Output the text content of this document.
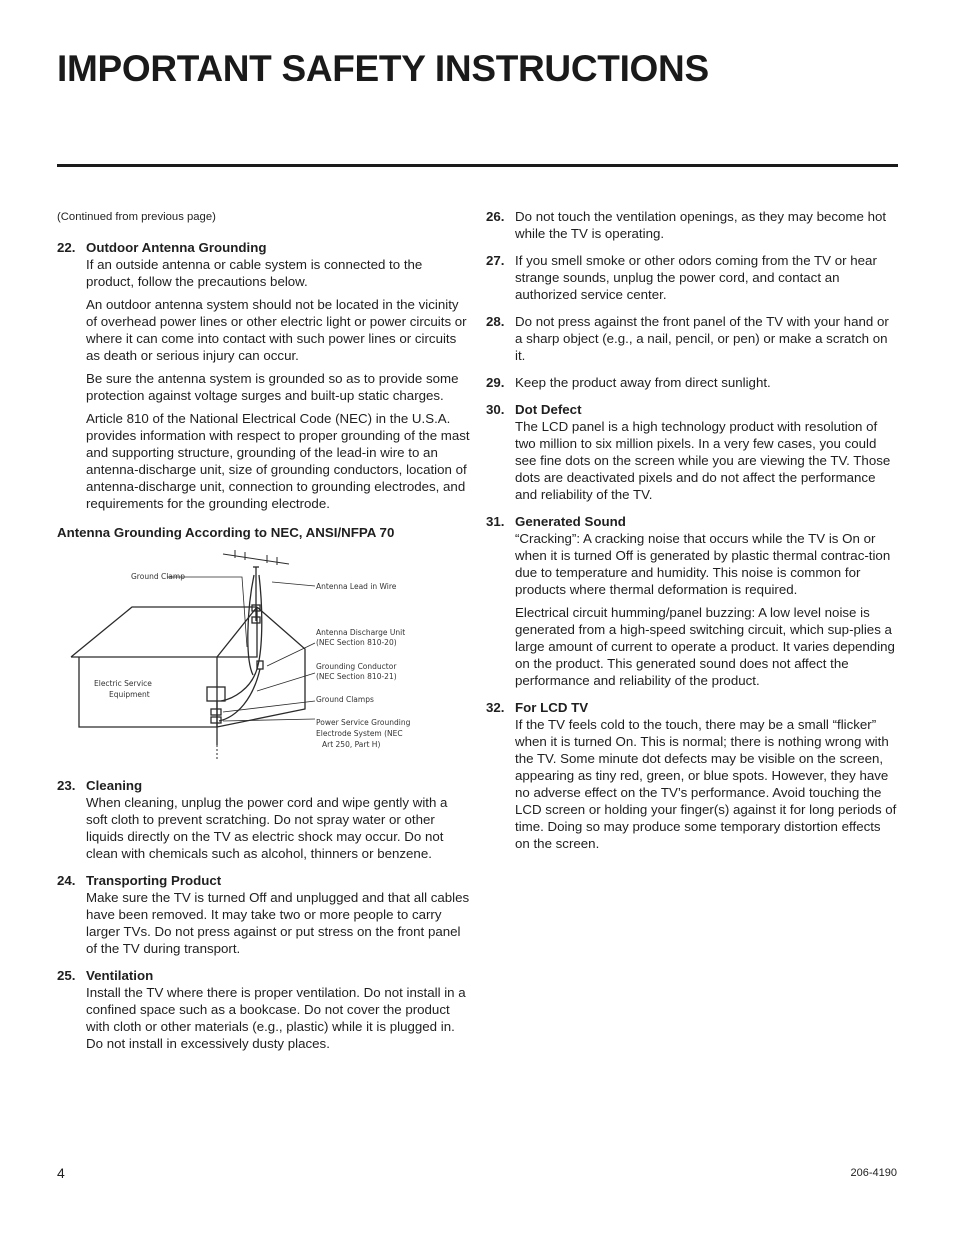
IMPORTANT SAFETY INSTRUCTIONS
(Continued from previous page)
22. Outdoor Antenna Grounding

If an outside antenna or cable system is connected to the product, follow the precautions below.

An outdoor antenna system should not be located in the vicinity of overhead power lines or other electric light or power circuits or where it can come into contact with such power lines or circuits as death or serious injury can occur.

Be sure the antenna system is grounded so as to provide some protection against voltage surges and built-up static charges.

Article 810 of the National Electrical Code (NEC) in the U.S.A. provides information with respect to proper grounding of the mast and supporting structure, grounding of the lead-in wire to an antenna-discharge unit, size of grounding conductors, location of antenna-discharge unit, connection to grounding electrodes, and requirements for the grounding electrode.

Antenna Grounding According to NEC, ANSI/NFPA 70
Ground Clamp
Antenna Lead in Wire
Antenna Discharge Unit
(NEC Section 810-20)
Grounding Conductor
(NEC Section 810-21)
Ground Clamps
Power Service Grounding
Electrode System (NEC
Art 250, Part H)
Electric Service
Equipment
23. Cleaning

When cleaning, unplug the power cord and wipe gently with a soft cloth to prevent scratching. Do not spray water or other liquids directly on the TV as electric shock may occur. Do not clean with chemicals such as alcohol, thinners or benzene.

24. Transporting Product

Make sure the TV is turned Off and unplugged and that all cables have been removed. It may take two or more people to carry larger TVs. Do not press against or put stress on the front panel of the TV during transport.

25. Ventilation

Install the TV where there is proper ventilation. Do not install in a confined space such as a bookcase. Do not cover the product with cloth or other materials (e.g., plastic) while it is plugged in. Do not install in excessively dusty places.

26. Do not touch the ventilation openings, as they may become hot while the TV is operating.
27. If you smell smoke or other odors coming from the TV or hear strange sounds, unplug the power cord, and contact an authorized service center.
28. Do not press against the front panel of the TV with your hand or a sharp object (e.g., a nail, pencil, or pen) or make a scratch on it.
29. Keep the product away from direct sunlight.
30. Dot Defect

The LCD panel is a high technology product with resolution of two million to six million pixels. In a very few cases, you could see fine dots on the screen while you are viewing the TV. Those dots are deactivated pixels and do not affect the performance and reliability of the TV.

31. Generated Sound

“Cracking”: A cracking noise that occurs while the TV is On or when it is turned Off is generated by plastic thermal contrac-tion due to temperature and humidity. This noise is common for products where thermal deformation is required.

Electrical circuit humming/panel buzzing: A low level noise is generated from a high-speed switching circuit, which sup-plies a large amount of current to operate a product. It varies depending on the product. This generated sound does not affect the performance and reliability of the product.

32. For LCD TV

If the TV feels cold to the touch, there may be a small “flicker” when it is turned On. This is normal; there is nothing wrong with the TV. Some minute dot defects may be visible on the screen, appearing as tiny red, green, or blue spots. However, they have no adverse effect on the TV’s performance. Avoid touching the LCD screen or holding your finger(s) against it for long periods of time. Doing so may produce some temporary distortion effects on the screen.

4	206-4190
